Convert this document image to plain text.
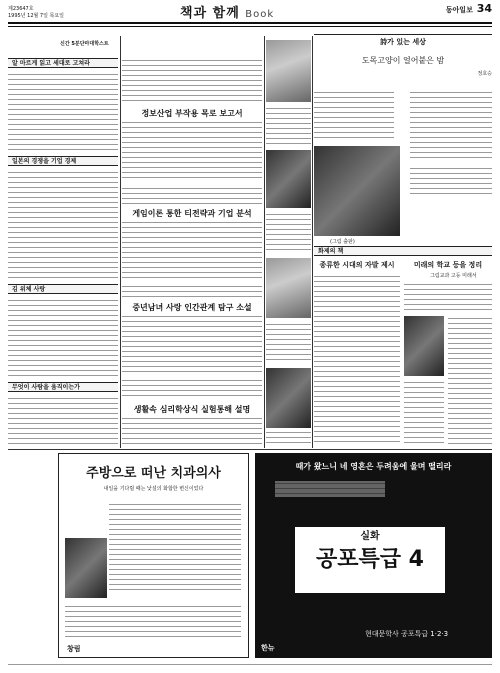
제23647호
1995년 12월 7일 목요일	책과 함께 Book	동아일보 34
신간 5분단마대학스트
알 마르게 읽고 세대로 고쳐라
일본의 경쟁을 기업 경제
김 위체 사랑
무엇이 사람을 움직이는가
정보산업 부작용 목로 보고서
게임이론 통한 티전략과 기업 분석
중년남녀 사랑 인간관계 탐구 소설
생활속 심리학상식 실험통해 설명
詩가 있는 세상
도목고양이 얼어붙은 밤
정호승
(그림 출판)
화제의 책
종류한 시대의 자발 제시	미래의 학교 등을 정리
그림교과 고등 미래서
주방으로 떠난 치과의사
내일을 기다릴 때는 낯설의 화합한 변신이었다
창림
때가 왔느니 네 영혼은 두려움에 울며 떨리라
실화
공포특급 4
현대문학사 공포특급 1·2·3
한뉴
